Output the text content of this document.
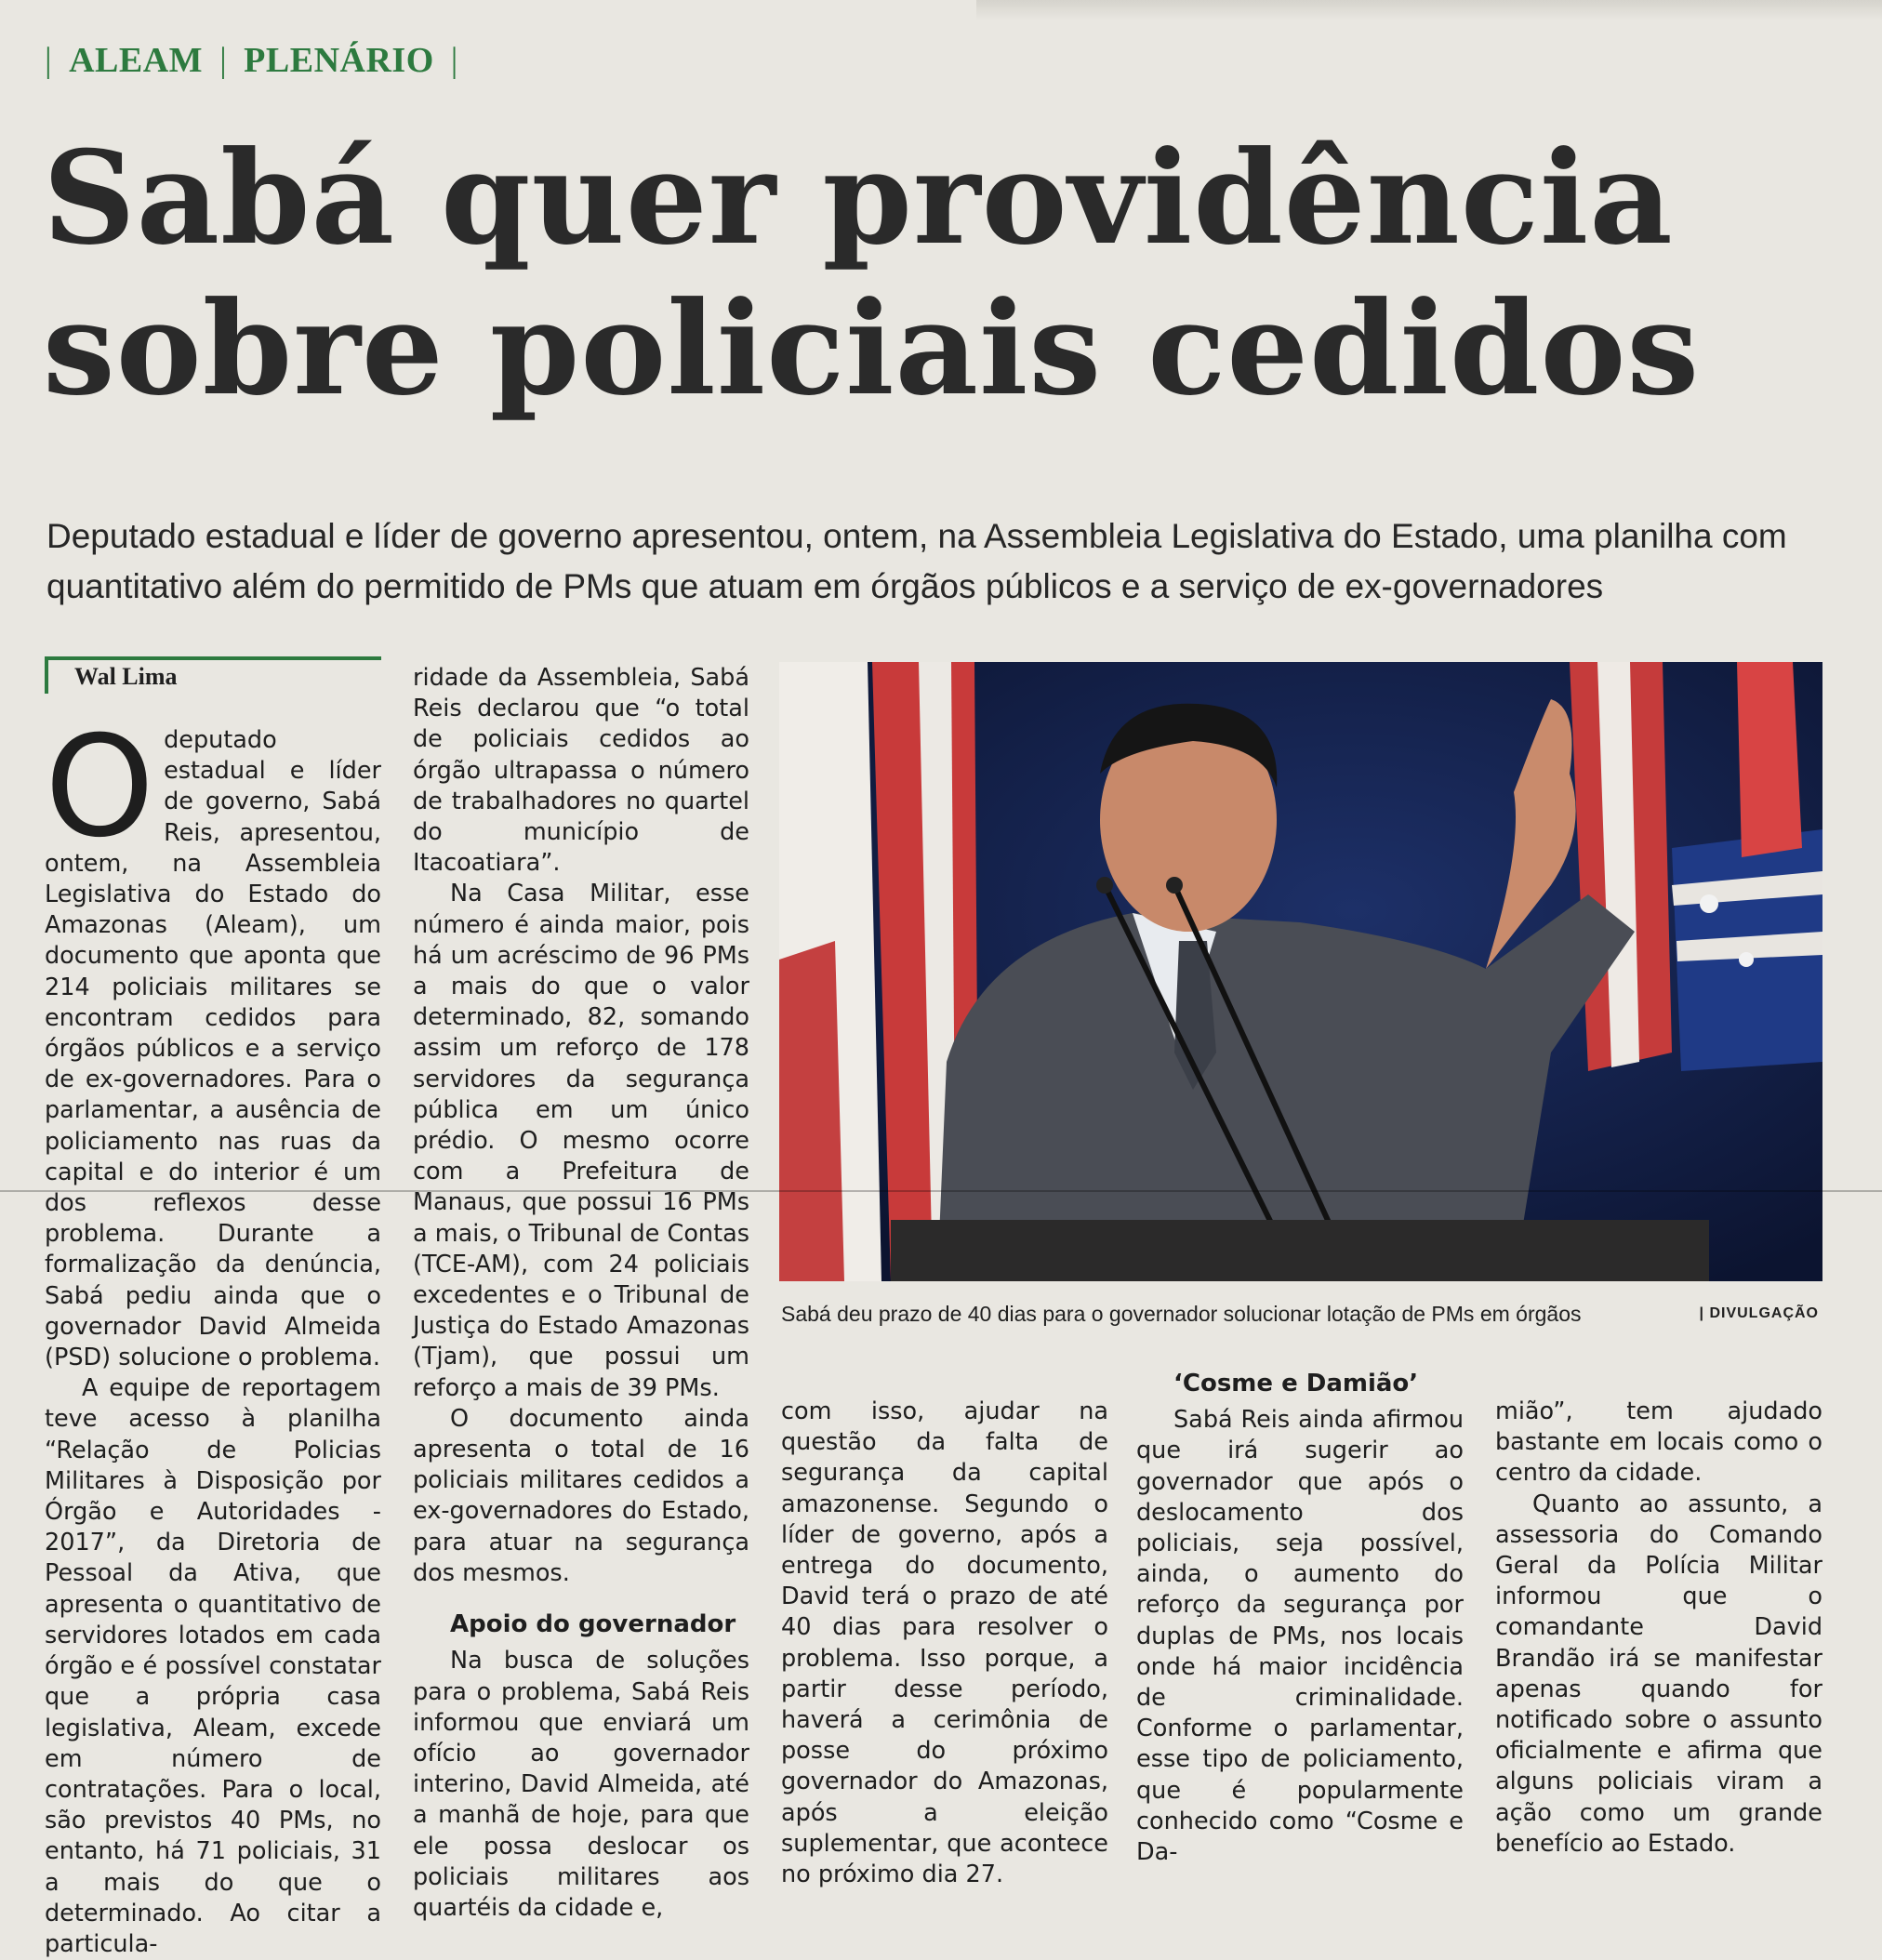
| ALEAM | PLENÁRIO |
Sabá quer providência
sobre policiais cedidos

Deputado estadual e líder de governo apresentou, ontem, na Assembleia Legislativa do Estado, uma planilha com quantitativo além do permitido de PMs que atuam em órgãos públicos e a serviço de ex-governadores

Wal Lima

Odeputado estadual e líder de governo, Sabá Reis, apresentou, ontem, na Assembleia Legislativa do Estado do Amazonas (Aleam), um documento que aponta que 214 policiais militares se encontram cedidos para órgãos públicos e a serviço de ex-governadores. Para o parlamentar, a ausência de policiamento nas ruas da capital e do interior é um dos reflexos desse problema. Durante a formalização da denúncia, Sabá pediu ainda que o governador David Almeida (PSD) solucione o problema.

A equipe de reportagem teve acesso à planilha “Relação de Policias Militares à Disposição por Órgão e Autoridades - 2017”, da Diretoria de Pessoal da Ativa, que apresenta o quantitativo de servidores lotados em cada órgão e é possível constatar que a própria casa legislativa, Aleam, excede em número de contratações. Para o local, são previstos 40 PMs, no entanto, há 71 policiais, 31 a mais do que o determinado. Ao citar a particula-

ridade da Assembleia, Sabá Reis declarou que “o total de policiais cedidos ao órgão ultrapassa o número de trabalhadores no quartel do município de Itacoatiara”.

Na Casa Militar, esse número é ainda maior, pois há um acréscimo de 96 PMs a mais do que o valor determinado, 82, somando assim um reforço de 178 servidores da segurança pública em um único prédio. O mesmo ocorre com a Prefeitura de Manaus, que possui 16 PMs a mais, o Tribunal de Contas (TCE-AM), com 24 policiais excedentes e o Tribunal de Justiça do Estado Amazonas (Tjam), que possui um reforço a mais de 39 PMs.

O documento ainda apresenta o total de 16 policiais militares cedidos a ex-governadores do Estado, para atuar na segurança dos mesmos.

Apoio do governador

Na busca de soluções para o problema, Sabá Reis informou que enviará um ofício ao governador interino, David Almeida, até a manhã de hoje, para que ele possa deslocar os policiais militares aos quartéis da cidade e,

Sabá deu prazo de 40 dias para o governador solucionar lotação de PMs em órgãos	| DIVULGAÇÃO

com isso, ajudar na questão da falta de segurança da capital amazonense. Segundo o líder de governo, após a entrega do documento, David terá o prazo de até 40 dias para resolver o problema. Isso porque, a partir desse período, haverá a cerimônia de posse do próximo governador do Amazonas, após a eleição suplementar, que acontece no próximo dia 27.

‘Cosme e Damião’

Sabá Reis ainda afirmou que irá sugerir ao governador que após o deslocamento dos policiais, seja possível, ainda, o aumento do reforço da segurança por duplas de PMs, nos locais onde há maior incidência de criminalidade. Conforme o parlamentar, esse tipo de policiamento, que é popularmente conhecido como “Cosme e Da-

mião”, tem ajudado bastante em locais como o centro da cidade.

Quanto ao assunto, a assessoria do Comando Geral da Polícia Militar informou que o comandante David Brandão irá se manifestar apenas quando for notificado sobre o assunto oficialmente e afirma que alguns policiais viram a ação como um grande benefício ao Estado.
